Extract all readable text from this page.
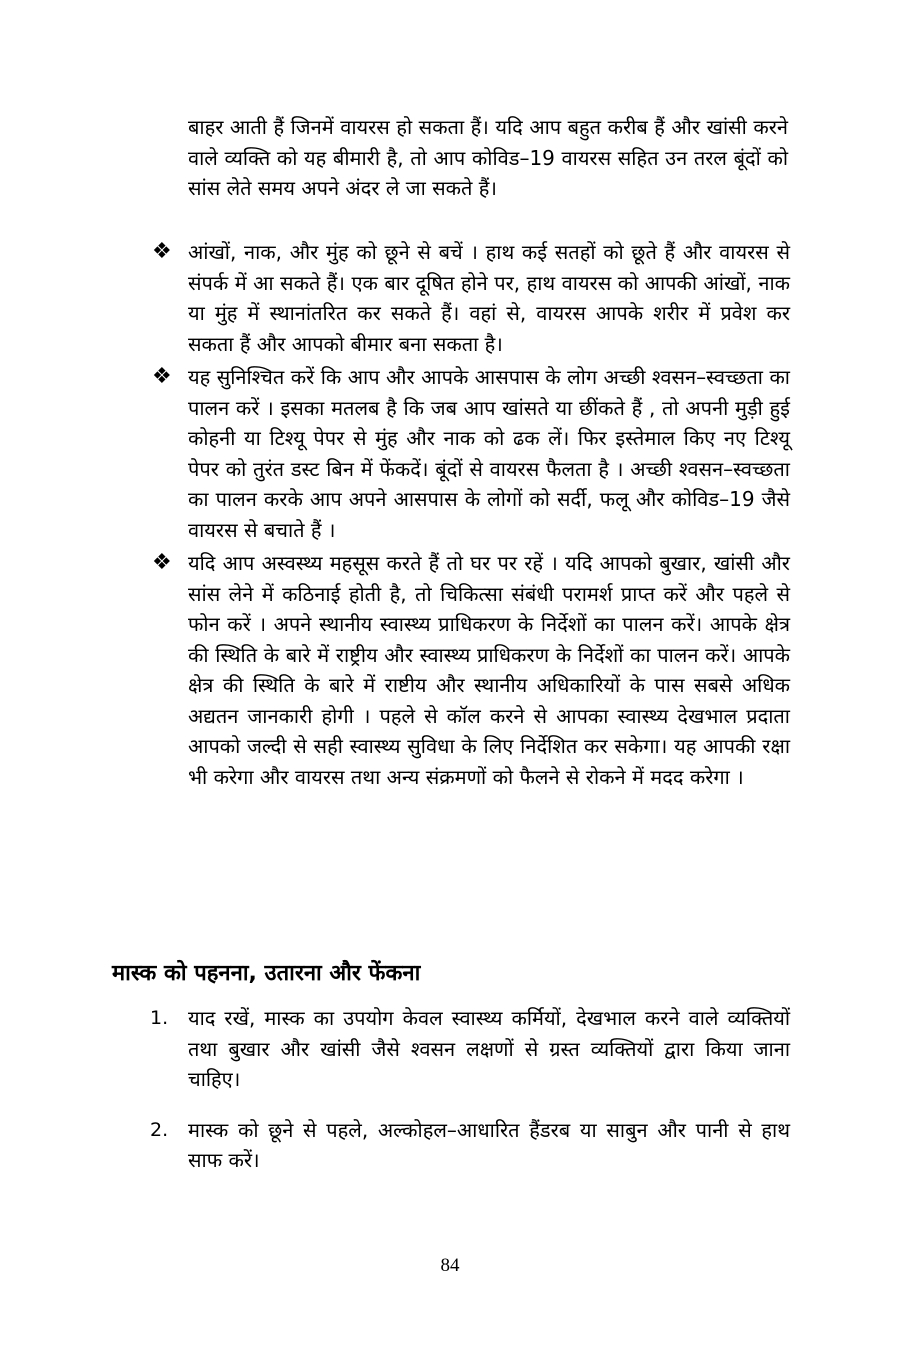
बाहर आती हैं जिनमें वायरस हो सकता हैं। यदि आप बहुत करीब हैं और खांसी करने वाले व्यक्ति को यह बीमारी है, तो आप कोविड–19 वायरस सहित उन तरल बूंदों को सांस लेते समय अपने अंदर ले जा सकते हैं।

❖ आंखों, नाक, और मुंह को छूने से बचें । हाथ कई सतहों को छूते हैं और वायरस से संपर्क में आ सकते हैं। एक बार दूषित होने पर, हाथ वायरस को आपकी आंखों, नाक या मुंह में स्थानांतरित कर सकते हैं। वहां से, वायरस आपके शरीर में प्रवेश कर सकता हैं और आपको बीमार बना सकता है।
❖ यह सुनिश्चित करें कि आप और आपके आसपास के लोग अच्छी श्वसन–स्वच्छता का पालन करें । इसका मतलब है कि जब आप खांसते या छींकते हैं , तो अपनी मुड़ी हुई कोहनी या टिश्यू पेपर से मुंह और नाक को ढक लें। फिर इस्तेमाल किए नए टिश्यू पेपर को तुरंत डस्ट बिन में फेंकदें। बूंदों से वायरस फैलता है । अच्छी श्वसन–स्वच्छता का पालन करके आप अपने आसपास के लोगों को सर्दी, फलू और कोविड–19 जैसे वायरस से बचाते हैं ।
❖ यदि आप अस्वस्थ्य महसूस करते हैं तो घर पर रहें । यदि आपको बुखार, खांसी और सांस लेने में कठिनाई होती है, तो चिकित्सा संबंधी परामर्श प्राप्त करें और पहले से फोन करें । अपने स्थानीय स्वास्थ्य प्राधिकरण के निर्देशों का पालन करें। आपके क्षेत्र की स्थिति के बारे में राष्ट्रीय और स्वास्थ्य प्राधिकरण के निर्देशों का पालन करें। आपके क्षेत्र की स्थिति के बारे में राष्टीय और स्थानीय अधिकारियों के पास सबसे अधिक अद्यतन जानकारी होगी । पहले से कॉल करने से आपका स्वास्थ्य देखभाल प्रदाता आपको जल्दी से सही स्वास्थ्य सुविधा के लिए निर्देशित कर सकेगा। यह आपकी रक्षा भी करेगा और वायरस तथा अन्य संक्रमणों को फैलने से रोकने में मदद करेगा ।
मास्क को पहनना, उतारना और फेंकना
1. याद रखें, मास्क का उपयोग केवल स्वास्थ्य कर्मियों, देखभाल करने वाले व्यक्तियों तथा बुखार और खांसी जैसे श्वसन लक्षणों से ग्रस्त व्यक्तियों द्वारा किया जाना चाहिए।
2. मास्क को छूने से पहले, अल्कोहल–आधारित हैंडरब या साबुन और पानी से हाथ साफ करें।
84
